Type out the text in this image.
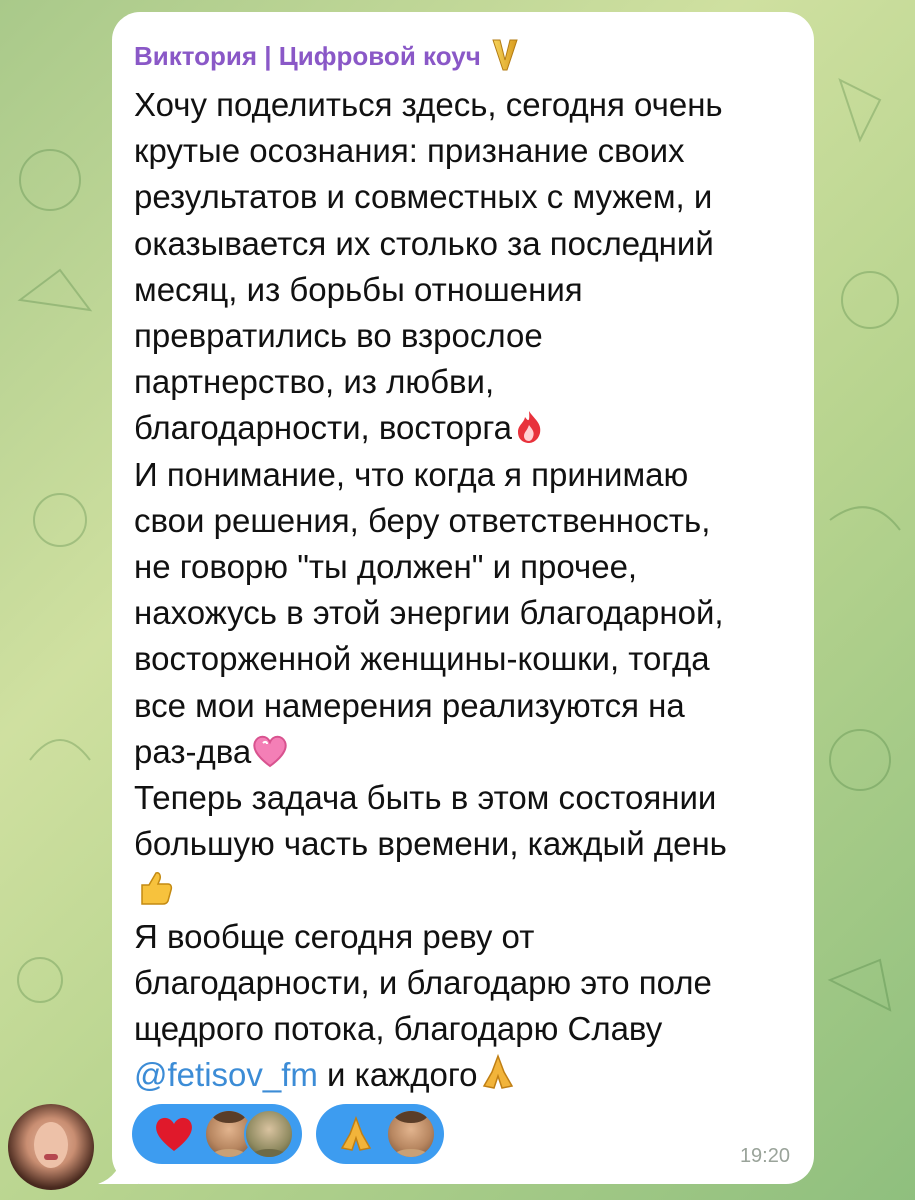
Виктория | Цифровой коуч
Хочу поделиться здесь, сегодня очень
крутые осознания: признание своих
результатов и совместных с мужем, и
оказывается их столько за последний
месяц, из борьбы отношения
превратились во взрослое
партнерство, из любви,
благодарности, восторга
И понимание, что когда я принимаю
свои решения, беру ответственность,
не говорю "ты должен" и прочее,
нахожусь в этой энергии благодарной,
восторженной женщины-кошки, тогда
все мои намерения реализуются на
раз-два
Теперь задача быть в этом состоянии
большую часть времени, каждый день
Я вообще сегодня реву от
благодарности, и благодарю это поле
щедрого потока, благодарю Славу
@fetisov_fm и каждого
19:20
